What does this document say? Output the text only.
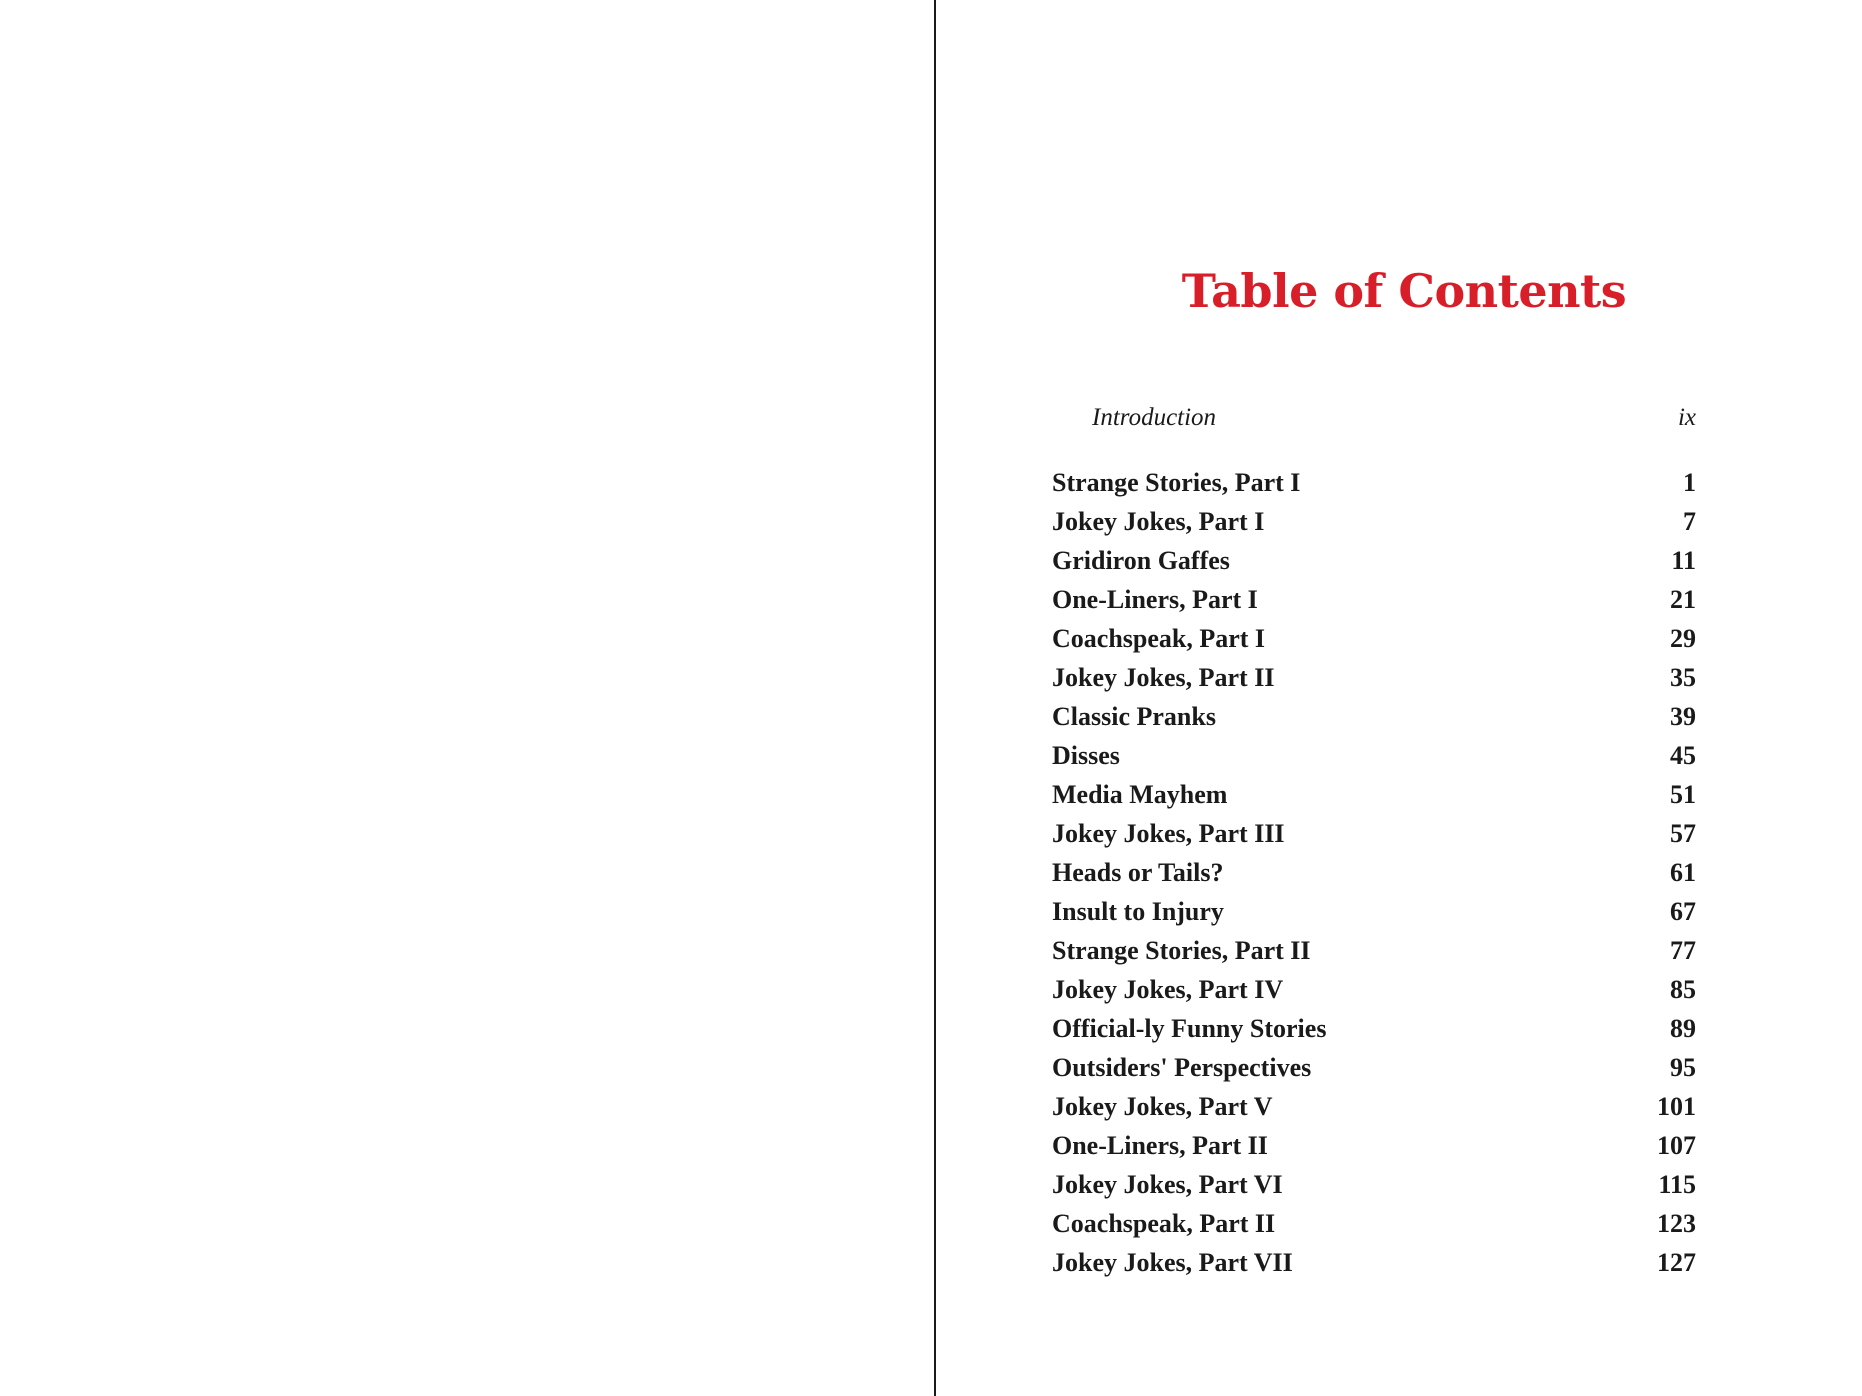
Table of Contents
Introduction	ix
Strange Stories, Part I	1
Jokey Jokes, Part I	7
Gridiron Gaffes	11
One-Liners, Part I	21
Coachspeak, Part I	29
Jokey Jokes, Part II	35
Classic Pranks	39
Disses	45
Media Mayhem	51
Jokey Jokes, Part III	57
Heads or Tails?	61
Insult to Injury	67
Strange Stories, Part II	77
Jokey Jokes, Part IV	85
Official-ly Funny Stories	89
Outsiders' Perspectives	95
Jokey Jokes, Part V	101
One-Liners, Part II	107
Jokey Jokes, Part VI	115
Coachspeak, Part II	123
Jokey Jokes, Part VII	127
